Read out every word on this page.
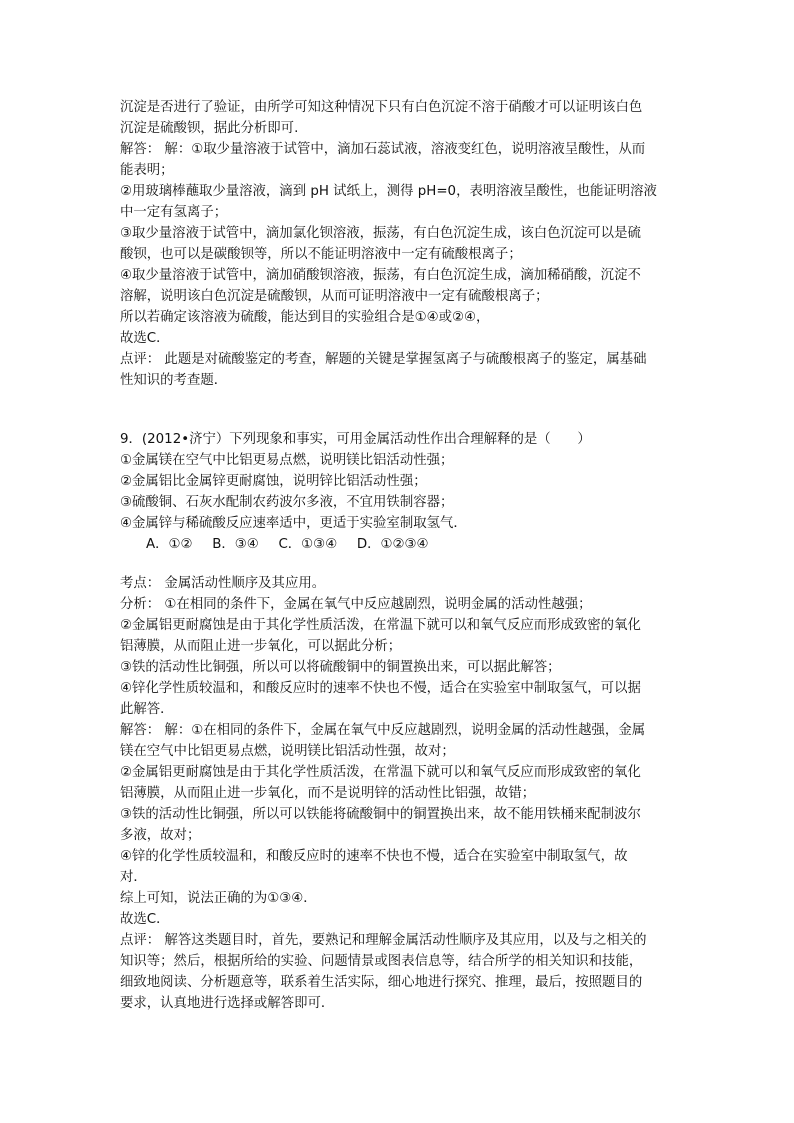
沉淀是否进行了验证，由所学可知这种情况下只有白色沉淀不溶于硝酸才可以证明该白色
沉淀是硫酸钡，据此分析即可.
解答： 解：①取少量溶液于试管中，滴加石蕊试液，溶液变红色，说明溶液呈酸性，从而
能表明；
②用玻璃棒蘸取少量溶液，滴到 pH 试纸上，测得 pH=0，表明溶液呈酸性，也能证明溶液
中一定有氢离子；
③取少量溶液于试管中，滴加氯化钡溶液，振荡，有白色沉淀生成，该白色沉淀可以是硫
酸钡，也可以是碳酸钡等，所以不能证明溶液中一定有硫酸根离子；
④取少量溶液于试管中，滴加硝酸钡溶液，振荡，有白色沉淀生成，滴加稀硝酸，沉淀不
溶解，说明该白色沉淀是硫酸钡，从而可证明溶液中一定有硫酸根离子；
所以若确定该溶液为硫酸，能达到目的实验组合是①④或②④，
故选C．
点评： 此题是对硫酸鉴定的考查，解题的关键是掌握氢离子与硫酸根离子的鉴定，属基础
性知识的考查题．
9．(2012•济宁）下列现象和事实，可用金属活动性作出合理解释的是（　　）
①金属镁在空气中比铝更易点燃，说明镁比铝活动性强；
②金属铝比金属锌更耐腐蚀，说明锌比铝活动性强；
③硫酸铜、石灰水配制农药波尔多液，不宜用铁制容器；
④金属锌与稀硫酸反应速率适中，更适于实验室制取氢气．
A．①②　 B．③④　 C．①③④　 D．①②③④
考点： 金属活动性顺序及其应用。
分析： ①在相同的条件下，金属在氧气中反应越剧烈，说明金属的活动性越强；
②金属铝更耐腐蚀是由于其化学性质活泼，在常温下就可以和氧气反应而形成致密的氧化
铝薄膜，从而阻止进一步氧化，可以据此分析；
③铁的活动性比铜强，所以可以将硫酸铜中的铜置换出来，可以据此解答；
④锌化学性质较温和，和酸反应时的速率不快也不慢，适合在实验室中制取氢气，可以据
此解答．
解答： 解：①在相同的条件下，金属在氧气中反应越剧烈，说明金属的活动性越强，金属
镁在空气中比铝更易点燃，说明镁比铝活动性强，故对；
②金属铝更耐腐蚀是由于其化学性质活泼，在常温下就可以和氧气反应而形成致密的氧化
铝薄膜，从而阻止进一步氧化，而不是说明锌的活动性比铝强，故错；
③铁的活动性比铜强，所以可以铁能将硫酸铜中的铜置换出来，故不能用铁桶来配制波尔
多液，故对；
④锌的化学性质较温和，和酸反应时的速率不快也不慢，适合在实验室中制取氢气，故
对．
综上可知，说法正确的为①③④．
故选C．
点评： 解答这类题目时，首先，要熟记和理解金属活动性顺序及其应用，以及与之相关的
知识等；然后，根据所给的实验、问题情景或图表信息等，结合所学的相关知识和技能，
细致地阅读、分析题意等，联系着生活实际，细心地进行探究、推理，最后，按照题目的
要求，认真地进行选择或解答即可．
